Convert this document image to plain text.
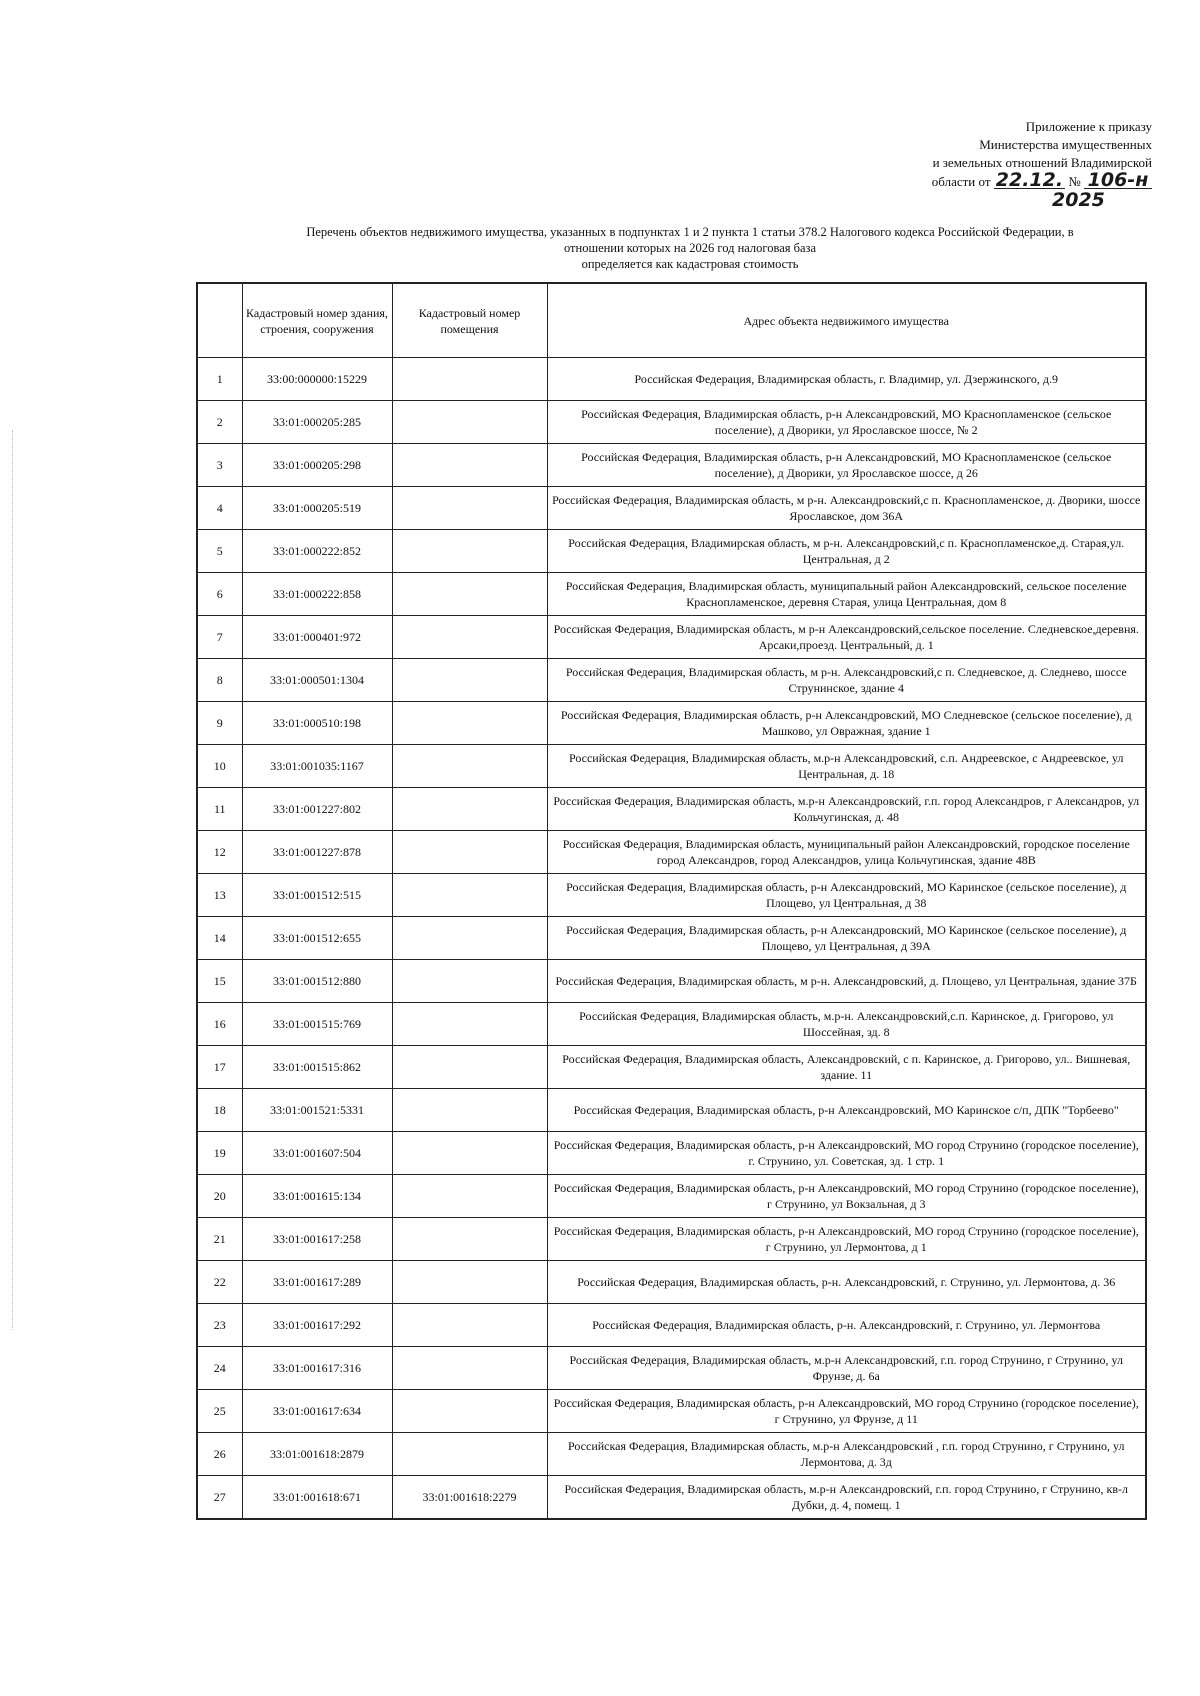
Приложение к приказу
Министерства имущественных
и земельных отношений Владимирской
области от 22.12. № 106-н
2025
Перечень объектов недвижимого имущества, указанных в подпунктах 1 и 2 пункта 1 статьи 378.2 Налогового кодекса Российской Федерации, в
отношении которых на 2026 год налоговая база
определяется как кадастровая стоимость
	Кадастровый номер здания, строения, сооружения	Кадастровый номер помещения	Адрес объекта недвижимого имущества
1	33:00:000000:15229		Российская Федерация, Владимирская область, г. Владимир, ул. Дзержинского, д.9
2	33:01:000205:285		Российская Федерация, Владимирская область, р-н Александровский, МО Краснопламенское (сельское поселение), д Дворики, ул Ярославское шоссе, № 2
3	33:01:000205:298		Российская Федерация, Владимирская область, р-н Александровский, МО Краснопламенское (сельское поселение), д Дворики, ул Ярославское шоссе, д 26
4	33:01:000205:519		Российская Федерация, Владимирская область, м р-н. Александровский,с п. Краснопламенское, д. Дворики, шоссе Ярославское, дом 36А
5	33:01:000222:852		Российская Федерация, Владимирская область, м р-н. Александровский,с п. Краснопламенское,д. Старая,ул. Центральная, д 2
6	33:01:000222:858		Российская Федерация, Владимирская область, муниципальный район Александровский, сельское поселение Краснопламенское, деревня Старая, улица Центральная, дом 8
7	33:01:000401:972		Российская Федерация, Владимирская область, м р-н Александровский,сельское поселение. Следневское,деревня. Арсаки,проезд. Центральный, д. 1
8	33:01:000501:1304		Российская Федерация, Владимирская область, м р-н. Александровский,с п. Следневское, д. Следнево, шоссе Струнинское, здание 4
9	33:01:000510:198		Российская Федерация, Владимирская область, р-н Александровский, МО Следневское (сельское поселение), д Машково, ул Овражная, здание 1
10	33:01:001035:1167		Российская Федерация, Владимирская область, м.р-н Александровский, с.п. Андреевское, с Андреевское, ул Центральная, д. 18
11	33:01:001227:802		Российская Федерация, Владимирская область, м.р-н Александровский, г.п. город Александров, г Александров, ул Кольчугинская, д. 48
12	33:01:001227:878		Российская Федерация, Владимирская область, муниципальный район Александровский, городское поселение город Александров, город Александров, улица Кольчугинская, здание 48В
13	33:01:001512:515		Российская Федерация, Владимирская область, р-н Александровский, МО Каринское (сельское поселение), д Площево, ул Центральная, д 38
14	33:01:001512:655		Российская Федерация, Владимирская область, р-н Александровский, МО Каринское (сельское поселение), д Площево, ул Центральная, д 39А
15	33:01:001512:880		Российская Федерация, Владимирская область, м р-н. Александровский, д. Площево, ул Центральная, здание 37Б
16	33:01:001515:769		Российская Федерация, Владимирская область, м.р-н. Александровский,с.п. Каринское, д. Григорово, ул Шоссейная, зд. 8
17	33:01:001515:862		Российская Федерация, Владимирская область, Александровский, с п. Каринское, д. Григорово, ул.. Вишневая, здание. 11
18	33:01:001521:5331		Российская Федерация, Владимирская область, р-н Александровский, МО Каринское с/п, ДПК "Торбеево"
19	33:01:001607:504		Российская Федерация, Владимирская область, р-н Александровский, МО город Струнино (городское поселение), г. Струнино, ул. Советская, зд. 1 стр. 1
20	33:01:001615:134		Российская Федерация, Владимирская область, р-н Александровский, МО город Струнино (городское поселение), г Струнино, ул Вокзальная, д 3
21	33:01:001617:258		Российская Федерация, Владимирская область, р-н Александровский, МО город Струнино (городское поселение), г Струнино, ул Лермонтова, д 1
22	33:01:001617:289		Российская Федерация, Владимирская область, р-н. Александровский, г. Струнино, ул. Лермонтова, д. 36
23	33:01:001617:292		Российская Федерация, Владимирская область, р-н. Александровский, г. Струнино, ул. Лермонтова
24	33:01:001617:316		Российская Федерация, Владимирская область, м.р-н Александровский, г.п. город Струнино, г Струнино, ул Фрунзе, д. 6а
25	33:01:001617:634		Российская Федерация, Владимирская область, р-н Александровский, МО город Струнино (городское поселение), г Струнино, ул Фрунзе, д 11
26	33:01:001618:2879		Российская Федерация, Владимирская область, м.р-н Александровский , г.п. город Струнино, г Струнино, ул Лермонтова, д. 3д
27	33:01:001618:671	33:01:001618:2279	Российская Федерация, Владимирская область, м.р-н Александровский, г.п. город Струнино, г Струнино, кв-л Дубки, д. 4, помещ. 1
